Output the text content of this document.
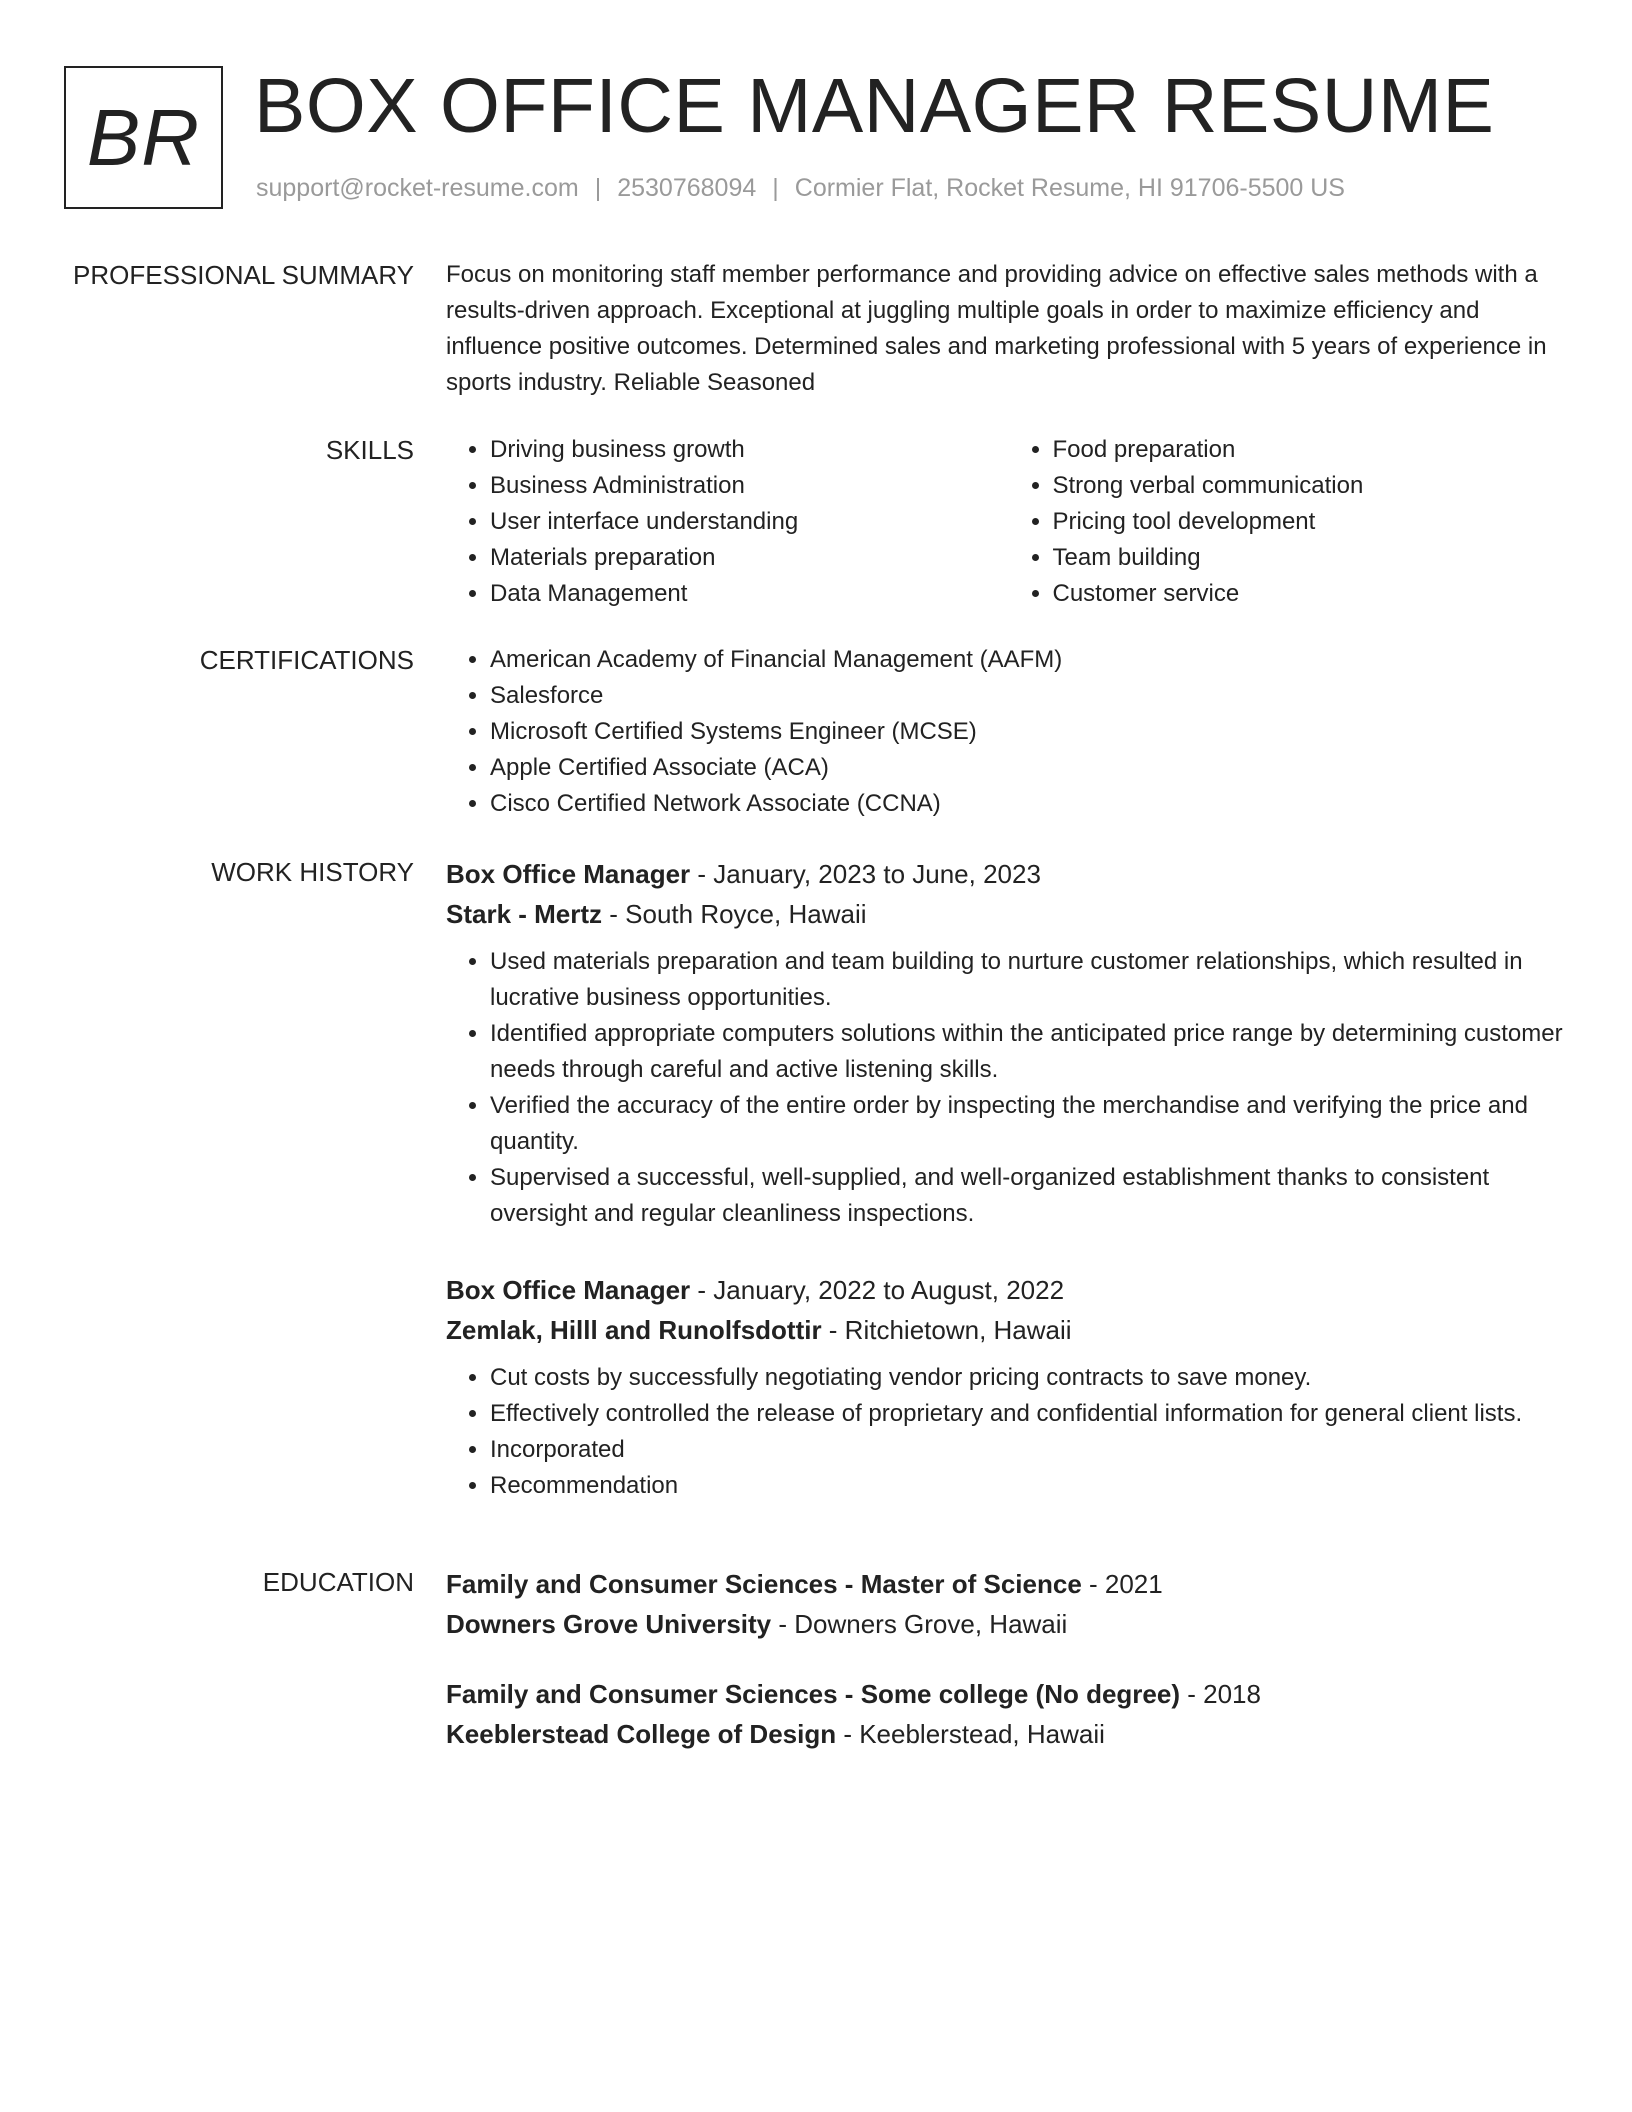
BR BOX OFFICE MANAGER RESUME
support@rocket-resume.com | 2530768094 | Cormier Flat, Rocket Resume, HI 91706-5500 US
PROFESSIONAL SUMMARY Focus on monitoring staff member performance and providing advice on effective sales methods with a results-driven approach. Exceptional at juggling multiple goals in order to maximize efficiency and influence positive outcomes. Determined sales and marketing professional with 5 years of experience in sports industry. Reliable Seasoned

SKILLS	• Driving business growth
• Business Administration
• User interface understanding
• Materials preparation
• Data Management
• Food preparation
• Strong verbal communication
• Pricing tool development
• Team building
• Customer service
CERTIFICATIONS	• American Academy of Financial Management (AAFM)
• Salesforce
• Microsoft Certified Systems Engineer (MCSE)
• Apple Certified Associate (ACA)
• Cisco Certified Network Associate (CCNA)
WORK HISTORY Box Office Manager - January, 2023 to June, 2023

Stark - Mertz - South Royce, Hawaii

• Used materials preparation and team building to nurture customer relationships, which resulted in lucrative business opportunities.
• Identified appropriate computers solutions within the anticipated price range by determining customer needs through careful and active listening skills.
• Verified the accuracy of the entire order by inspecting the merchandise and verifying the price and quantity.
• Supervised a successful, well-supplied, and well-organized establishment thanks to consistent oversight and regular cleanliness inspections.

Box Office Manager - January, 2022 to August, 2022

Zemlak, Hilll and Runolfsdottir - Ritchietown, Hawaii

• Cut costs by successfully negotiating vendor pricing contracts to save money.
• Effectively controlled the release of proprietary and confidential information for general client lists.
• Incorporated
• Recommendation
EDUCATION Family and Consumer Sciences - Master of Science - 2021

Downers Grove University - Downers Grove, Hawaii

Family and Consumer Sciences - Some college (No degree) - 2018

Keeblerstead College of Design - Keeblerstead, Hawaii
